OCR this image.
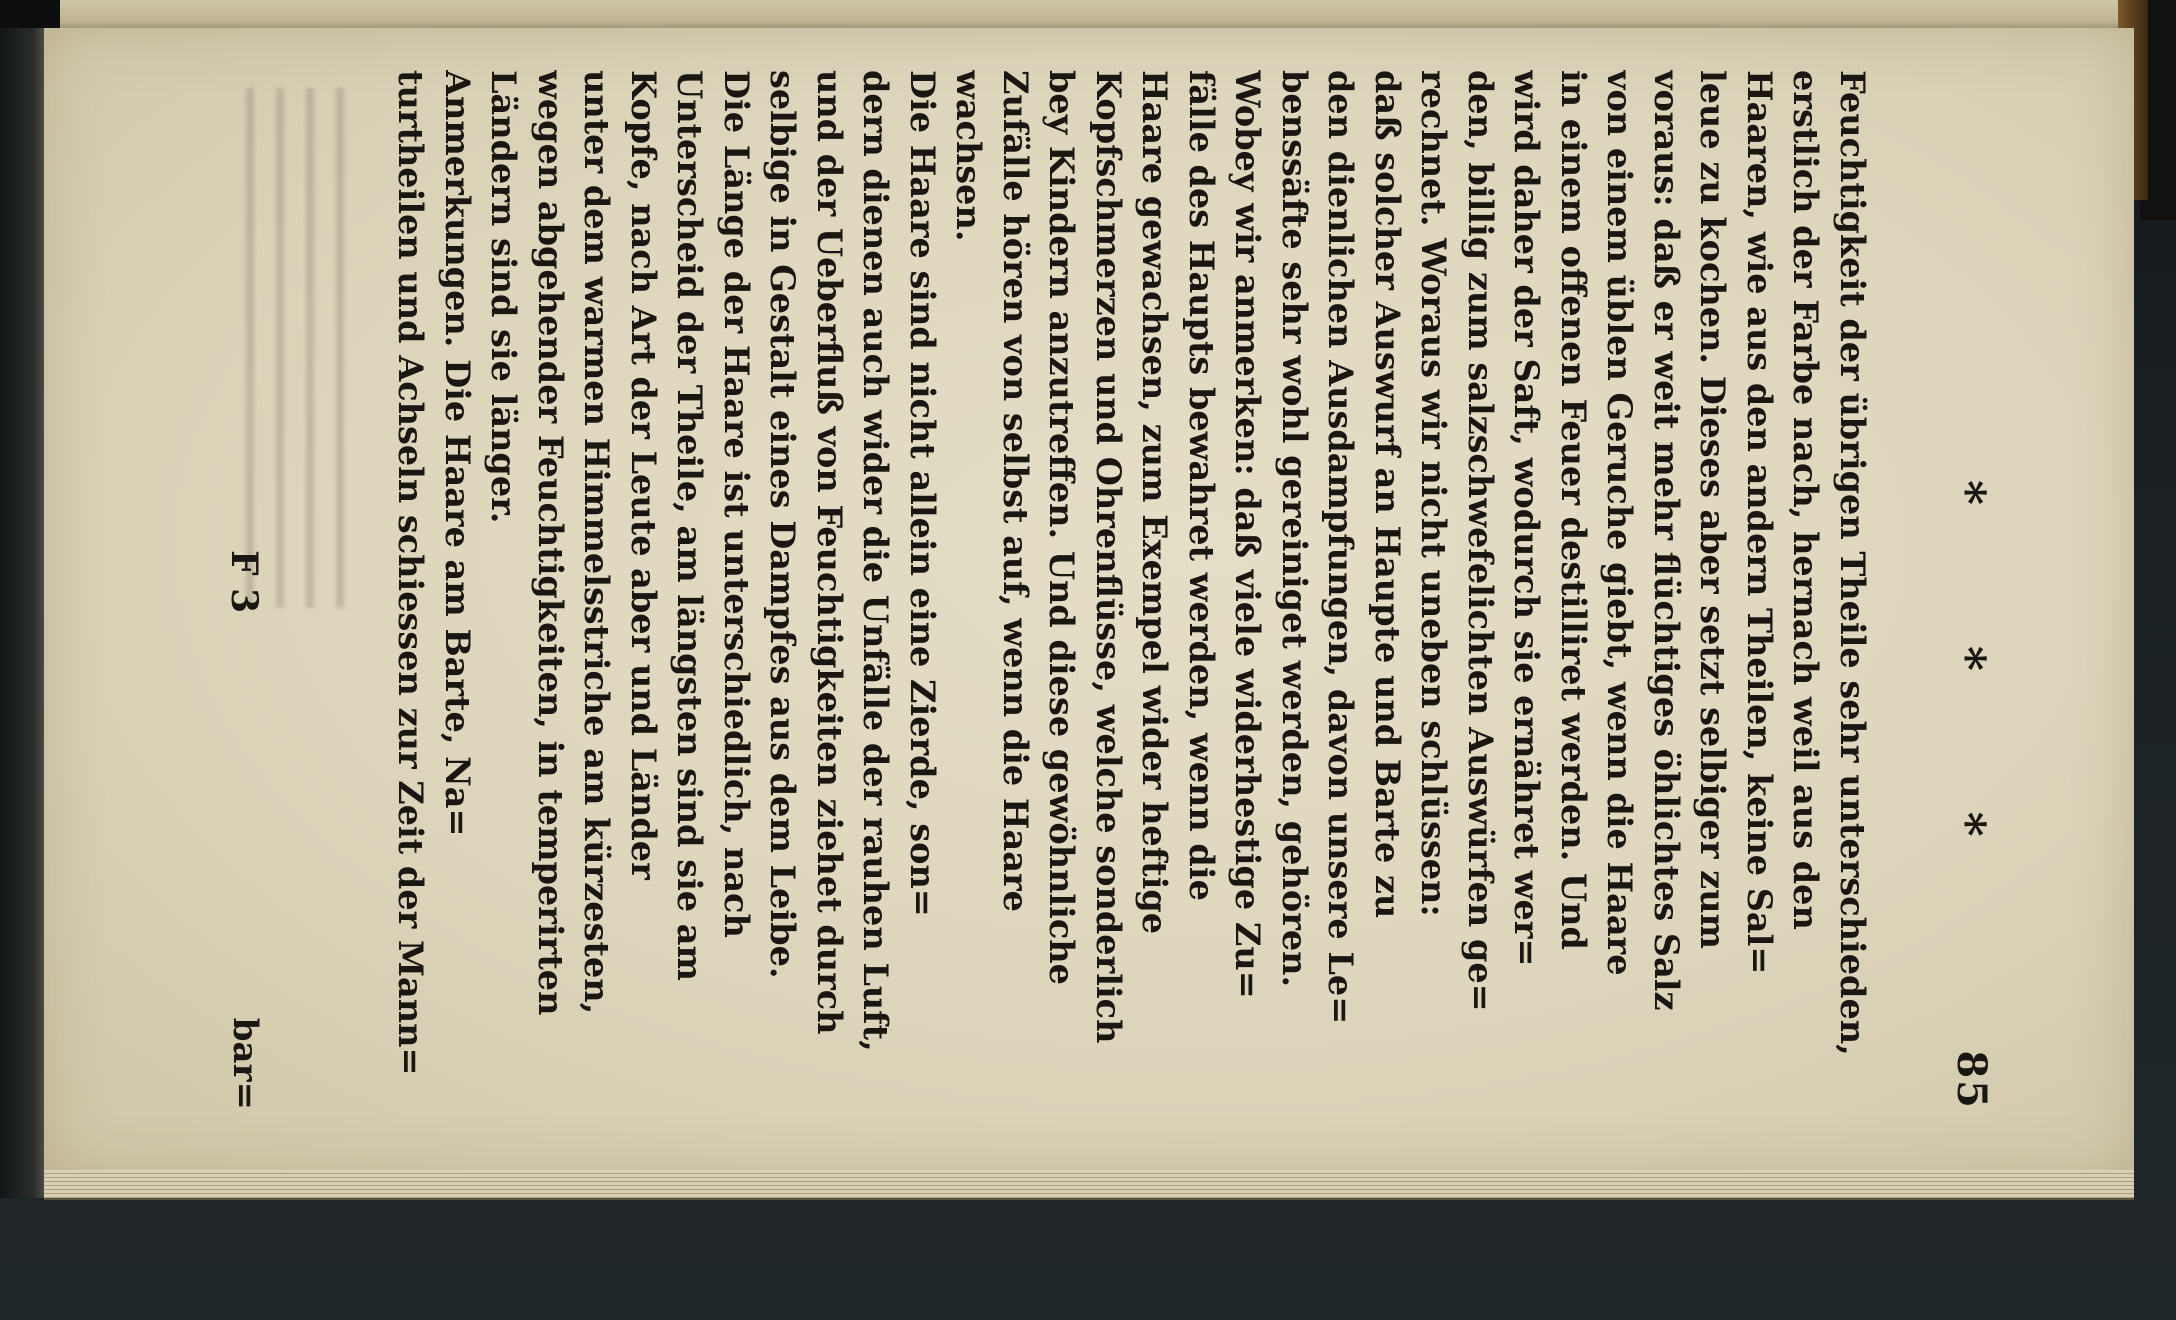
* * *
85
Feuchtigkeit der übrigen Theile sehr unterschieden,
erstlich der Farbe nach, hernach weil aus den
Haaren, wie aus den andern Theilen, keine Sal=
leue zu kochen. Dieses aber setzt selbiger zum
voraus: daß er weit mehr flüchtiges öhlichtes Salz
von einem üblen Geruche giebt, wenn die Haare
in einem offenen Feuer destilliret werden. Und
wird daher der Saft, wodurch sie ernähret wer=
den, billig zum salzschwefelichten Auswürfen ge=
rechnet. Woraus wir nicht uneben schlüssen:
daß solcher Auswurf an Haupte und Barte zu
den dienlichen Ausdampfungen, davon unsere Le=
benssäfte sehr wohl gereiniget werden, gehören.
Wobey wir anmerken: daß viele widerhestige Zu=
fälle des Haupts bewahret werden, wenn die
Haare gewachsen, zum Exempel wider heftige
Kopfschmerzen und Ohrenflüsse, welche sonderlich
bey Kindern anzutreffen. Und diese gewöhnliche
Zufälle hören von selbst auf, wenn die Haare
wachsen.
Die Haare sind nicht allein eine Zierde, son=
dern dienen auch wider die Unfälle der rauhen Luft,
und der Ueberfluß von Feuchtigkeiten ziehet durch
selbige in Gestalt eines Dampfes aus dem Leibe.
Die Länge der Haare ist unterschiedlich, nach
Unterscheid der Theile, am längsten sind sie am
Kopfe, nach Art der Leute aber und Länder
unter dem warmen Himmelsstriche am kürzesten,
wegen abgehender Feuchtigkeiten, in temperirten
Ländern sind sie länger.
Anmerkungen. Die Haare am Barte, Na=
turtheilen und Achseln schiessen zur Zeit der Mann=
F 3
bar=
